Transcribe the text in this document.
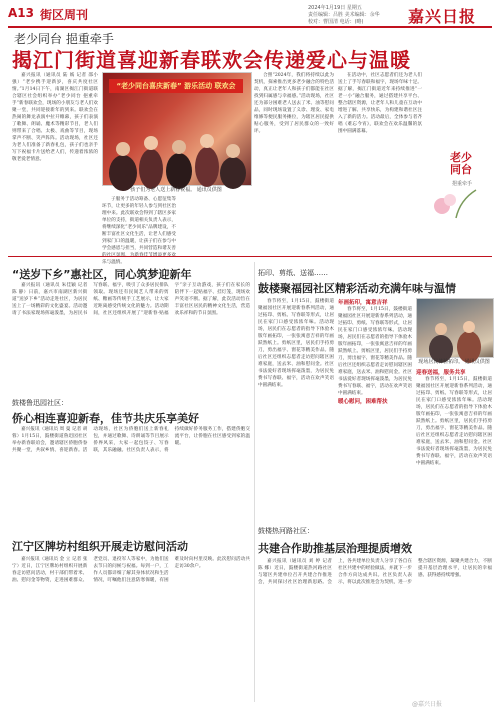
A13 街区周刊	2024年1月19日 星期五
责任编辑：吕胜 美术编辑：余华
校对：曹国清 电话：(略)	嘉兴日报
老少同台 挹重牵手
揭江门街道喜迎新春联欢会传递爱心与温暖

嘉兴报讯（通讯员 陆 嫣 记者 邵小强）“老少携手迎新岁，喜庆共度社区情。”1月14日下午，南湖区揭江门街道联合辖区社会组织举办“老少同台 挹重牵手”新春联欢会，现场的小朋友与老人们欢聚一堂，共同迎接新年的到来。联欢会在热闹的舞龙表演中拉开帷幕，孩子们表演了歌舞、朗诵、魔术等精彩节目，老人们则带来了合唱、太极、戏曲等节目，现场掌声不断、笑声阵阵。活动现场，社区还为老人们准备了新春礼包，孩子们也亲手写下祝福卡片送给老人们，传递着浓浓的敬老爱老情意。

“老少同台喜庆新春” 游乐活动 联欢会
孩子们为老人送上新春祝福。 通讯员供图

子服务于活动筹备、心愿征集等环节，让更多的年轻人参与到社区治理中来。此次联欢会得到了辖区多家单位的支持，街道相关负责人表示，将继续深化“老少同乐”品牌建设，不断丰富社区文化生活，让老人们感受到家门口的温暖，让孩子们在参与中学会感恩与担当，共同营造和谐友善 乐与温情。

合照“2024年，我们将持续以此为契机，探索推出更多老少融合的特色活动，真正让老年人和孩子们都能在社区找到归属感与幸福感。”活动现场，社区还为部分困难老人送去了米、油等慰问品，同时现场设置了义诊、理发、家电维修等便民服务摊位，为辖区居民提供贴心服务，受到了居民群众的一致好评。

在活动中，社区志愿者们还为老人们送上了手写春联和福字，现场年味十足。据了解，揭江门街道近年来持续推进“一老一小”融合服务，通过搭建共享平台、整合辖区资源，让老年人和儿童在互动中增进了解、共享快乐，为构建和谐社区注入了新的活力。活动最后，全体参与者齐唱《难忘今宵》，联欢会在欢乐温馨的氛围中圆满落幕。

老少
同台
挹重牵手
“送岁下乡”惠社区，同心筑梦迎新年

嘉兴报讯（通讯员 朱佳颖 记者 陈 静）日前，嘉兴市南湖区新兴街道“送岁下乡”活动走进社区，为居民送上了一场精彩的文化盛宴。活动邀请了书法家现场挥毫泼墨，为居民书写春联、福字，吸引了众多居民排队领取。现场还有民间艺人带来的剪纸、糖画等传统手工艺展示，让大家近距离感受传统文化的魅力。活动期间，社区还组织开展了“迎新春·贴福字”亲子互动游戏，孩子们在家长的陪伴下一起贴福字、挂灯笼，现场欢声笑语不断。据了解，此次活动旨在丰富社区居民的精神文化生活，营造欢乐祥和的节日氛围。

鼓楼鲁迅园社区：
侨心相连喜迎新春，佳节共庆乐享美好

嘉兴报讯（通讯员 周 曼 记者 胡 蓉）1月15日，鼓楼街道鲁迅园社区举办新春联谊会，邀请辖区侨胞侨眷共聚一堂，共叙乡情、喜迎新春。活动现场，社区为侨胞们送上新春礼包，并通过歌舞、诗朗诵等节目展示侨界风采，大家一起包饺子、写春联，其乐融融。社区负责人表示，将持续做好侨务服务工作，搭建侨胞交流平台，让侨胞在社区感受到家的温暖。

江宁区牌坊村组织开展走访慰问活动

嘉兴报讯（通讯员 金 立 记者 张 宁）近日，江宁区牌坊村组织开展新春走访慰问活动，村干部们带着米、油、慰问金等物资，走进困难群众、老党员、退役军人等家中，为他们送去节日的问候与祝福。每到一户，工作人员都详细了解其身体状况和生活情况，叮嘱他们注意防寒保暖，有困难及时向村里反映。此次慰问活动共走访30余户。

拓印、剪纸、送福……
鼓楼聚福园社区精彩活动充满年味与温情

春节将至，1月15日，鼓楼街道聚福园社区开展迎新春系列活动，通过拓印、剪纸、写春联等形式，让居民在家门口感受浓浓年味。活动现场，居民们在志愿者的指导下体验木版年画拓印，一张张寓意吉祥的年画跃然纸上。剪纸区里，居民们手持剪刀，剪出福字、窗花等精美作品。随后社区还组织志愿者走访慰问辖区困难家庭，送去米、油和慰问金。社区书法爱好者现场挥毫泼墨，为居民免费书写春联、福字，活动在欢声笑语中圆满结束。

年画拓印，寓意吉祥

春节将至，1月15日，鼓楼街道聚福园社区开展迎新春系列活动，通过拓印、剪纸、写春联等形式，让居民在家门口感受浓浓年味。活动现场，居民们在志愿者的指导下体验木版年画拓印，一张张寓意吉祥的年画跃然纸上。剪纸区里，居民们手持剪刀，剪出福字、窗花等精美作品。随后社区还组织志愿者走访慰问辖区困难家庭，送去米、油和慰问金。社区书法爱好者现场挥毫泼墨，为居民免费书写春联、福字，活动在欢声笑语中圆满结束。

暖心慰问，困难帮扶
现场居民体验拓印。 通讯员供图
迎春送福，服务共享

春节将至，1月15日，鼓楼街道聚福园社区开展迎新春系列活动，通过拓印、剪纸、写春联等形式，让居民在家门口感受浓浓年味。活动现场，居民们在志愿者的指导下体验木版年画拓印，一张张寓意吉祥的年画跃然纸上。剪纸区里，居民们手持剪刀，剪出福字、窗花等精美作品。随后社区还组织志愿者走访慰问辖区困难家庭，送去米、油和慰问金。社区书法爱好者现场挥毫泼墨，为居民免费书写春联、福字，活动在欢声笑语中圆满结束。

鼓楼热河路社区：
共建合作助推基层治理提质增效

嘉兴报讯（通讯员 刘 婷 记者 陈 娜）近日，鼓楼街道热河路社区与辖区共建单位召开共建合作推进会，共同探讨社区治理新思路。会上，各共建单位负责人分享了各自在社区共建中的经验做法，并就下一步合作方向达成共识。社区负责人表示，将以此次推进会为契机，进一步整合辖区资源，凝聚共建合力，不断提升基层治理水平，让居民的幸福感、获得感持续增强。

@嘉兴日报
